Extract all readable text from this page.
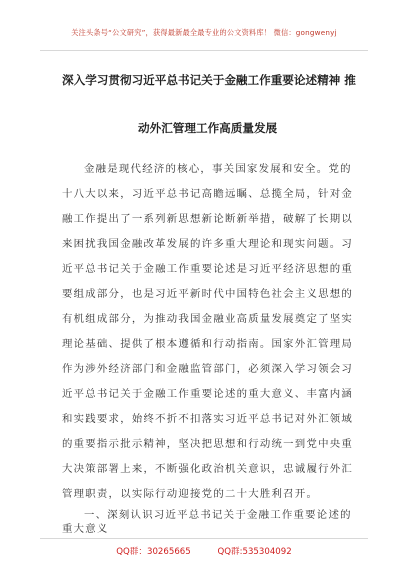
关注头条号“公文研究”，获得最新最全最专业的公文资料库！ 微信：gongwenyj
深入学习贯彻习近平总书记关于金融工作重要论述精神 推
动外汇管理工作高质量发展
金融是现代经济的核心，事关国家发展和安全。党的
十八大以来，习近平总书记高瞻远瞩、总揽全局，针对金
融工作提出了一系列新思想新论断新举措，破解了长期以
来困扰我国金融改革发展的许多重大理论和现实问题。习
近平总书记关于金融工作重要论述是习近平经济思想的重
要组成部分，也是习近平新时代中国特色社会主义思想的
有机组成部分，为推动我国金融业高质量发展奠定了坚实
理论基础、提供了根本遵循和行动指南。国家外汇管理局
作为涉外经济部门和金融监管部门，必须深入学习领会习
近平总书记关于金融工作重要论述的重大意义、丰富内涵
和实践要求，始终不折不扣落实习近平总书记对外汇领域
的重要指示批示精神，坚决把思想和行动统一到党中央重
大决策部署上来，不断强化政治机关意识，忠诚履行外汇
管理职责，以实际行动迎接党的二十大胜利召开。
一、深刻认识习近平总书记关于金融工作重要论述的
重大意义
QQ群：30265665	QQ群:535304092
